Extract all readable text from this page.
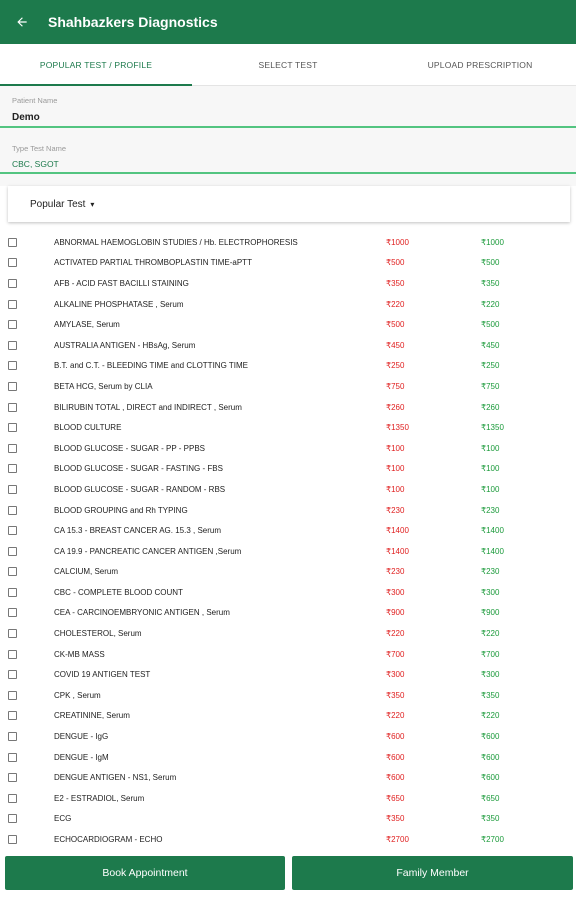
Shahbazkers Diagnostics
POPULAR TEST / PROFILE	SELECT TEST	UPLOAD PRESCRIPTION
Patient Name
Demo
Type Test Name
CBC, SGOT
Popular Test ▾
ABNORMAL HAEMOGLOBIN STUDIES / Hb. ELECTROPHORESIS	₹1000	₹1000
ACTIVATED PARTIAL THROMBOPLASTIN TIME-aPTT	₹500	₹500
AFB - ACID FAST BACILLI STAINING	₹350	₹350
ALKALINE PHOSPHATASE , Serum	₹220	₹220
AMYLASE, Serum	₹500	₹500
AUSTRALIA ANTIGEN - HBsAg, Serum	₹450	₹450
B.T. and C.T. - BLEEDING TIME and CLOTTING TIME	₹250	₹250
BETA HCG, Serum by CLIA	₹750	₹750
BILIRUBIN TOTAL , DIRECT and INDIRECT , Serum	₹260	₹260
BLOOD CULTURE	₹1350	₹1350
BLOOD GLUCOSE - SUGAR - PP - PPBS	₹100	₹100
BLOOD GLUCOSE - SUGAR - FASTING - FBS	₹100	₹100
BLOOD GLUCOSE - SUGAR - RANDOM - RBS	₹100	₹100
BLOOD GROUPING and Rh TYPING	₹230	₹230
CA 15.3 - BREAST CANCER AG. 15.3 , Serum	₹1400	₹1400
CA 19.9 - PANCREATIC CANCER ANTIGEN ,Serum	₹1400	₹1400
CALCIUM, Serum	₹230	₹230
CBC - COMPLETE BLOOD COUNT	₹300	₹300
CEA - CARCINOEMBRYONIC ANTIGEN , Serum	₹900	₹900
CHOLESTEROL, Serum	₹220	₹220
CK-MB MASS	₹700	₹700
COVID 19 ANTIGEN TEST	₹300	₹300
CPK , Serum	₹350	₹350
CREATININE, Serum	₹220	₹220
DENGUE - IgG	₹600	₹600
DENGUE - IgM	₹600	₹600
DENGUE ANTIGEN - NS1, Serum	₹600	₹600
E2 - ESTRADIOL, Serum	₹650	₹650
ECG	₹350	₹350
ECHOCARDIOGRAM - ECHO	₹2700	₹2700
Book Appointment	Family Member
